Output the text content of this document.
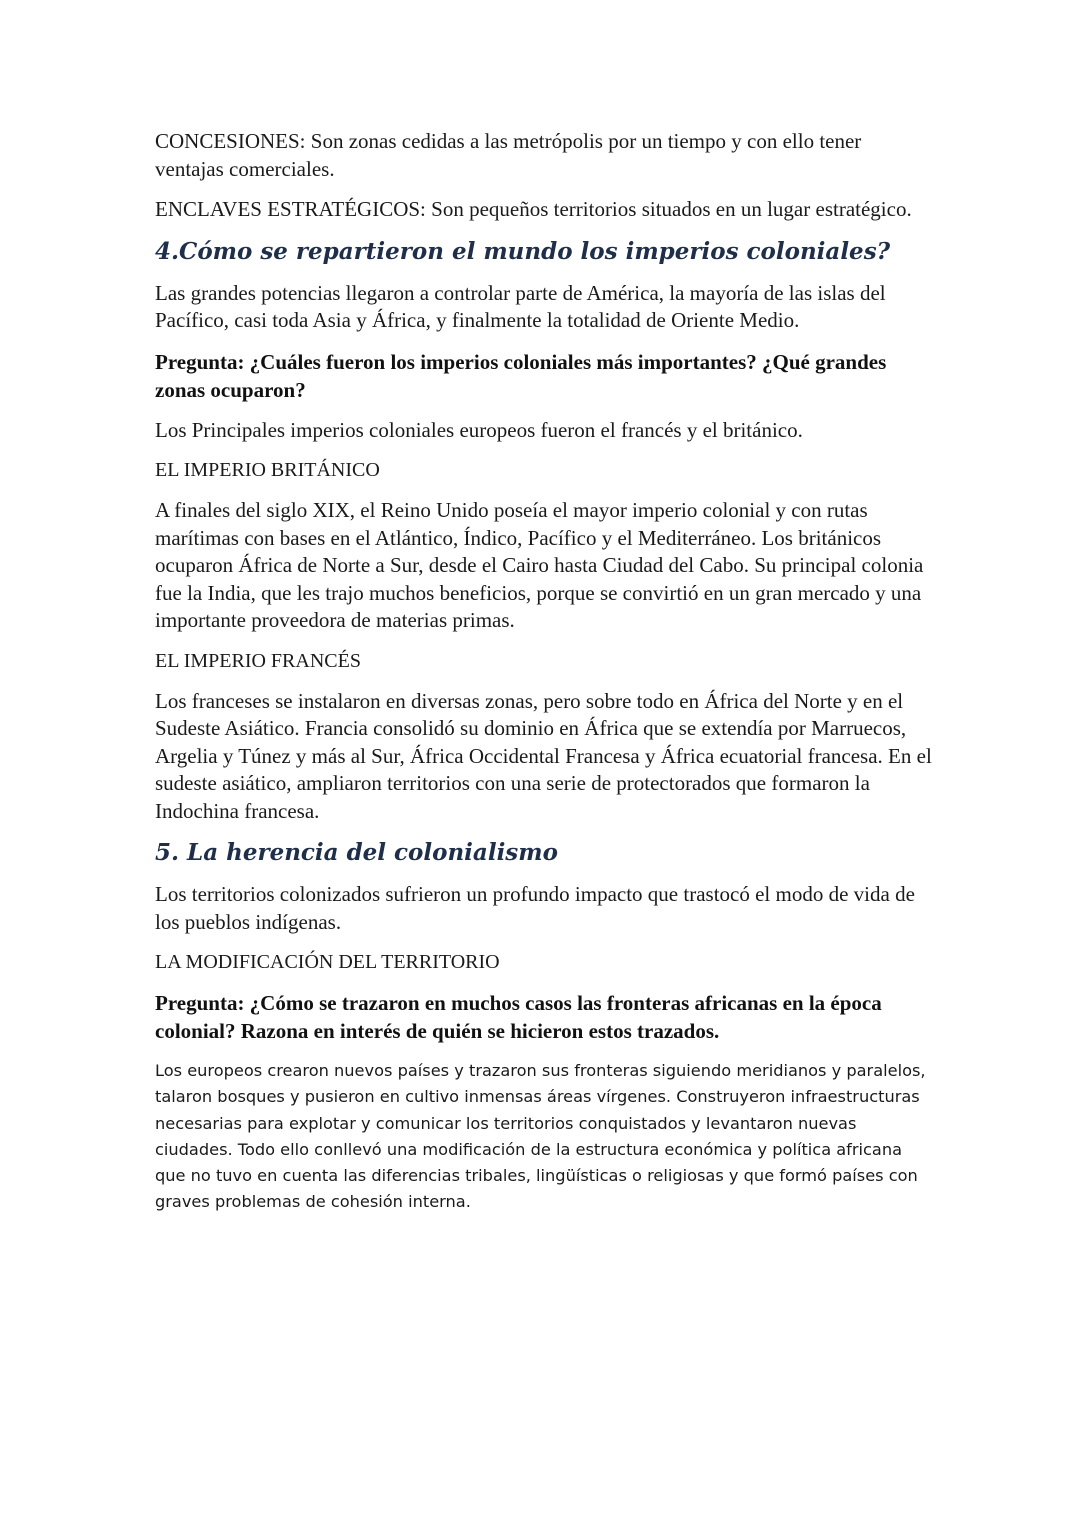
CONCESIONES: Son zonas cedidas a las metrópolis por un tiempo y con ello tener ventajas comerciales.

ENCLAVES ESTRATÉGICOS: Son pequeños territorios situados en un lugar estratégico.

4.Cómo se repartieron el mundo los imperios coloniales?

Las grandes potencias llegaron a controlar parte de América, la mayoría de las islas del Pacífico, casi toda Asia y África, y finalmente la totalidad de Oriente Medio.

Pregunta: ¿Cuáles fueron los imperios coloniales más importantes? ¿Qué grandes zonas ocuparon?

Los Principales imperios coloniales europeos fueron el francés y el británico.

EL IMPERIO BRITÁNICO

A finales del siglo XIX, el Reino Unido poseía el mayor imperio colonial y con rutas marítimas con bases en el Atlántico, Índico, Pacífico y el Mediterráneo. Los británicos ocuparon África de Norte a Sur, desde el Cairo hasta Ciudad del Cabo. Su principal colonia fue la India, que les trajo muchos beneficios, porque se convirtió en un gran mercado y una importante proveedora de materias primas.

EL IMPERIO FRANCÉS

Los franceses se instalaron en diversas zonas, pero sobre todo en África del Norte y en el Sudeste Asiático. Francia consolidó su dominio en África que se extendía por Marruecos, Argelia y Túnez y más al Sur, África Occidental Francesa y África ecuatorial francesa. En el sudeste asiático, ampliaron territorios con una serie de protectorados que formaron la Indochina francesa.

5. La herencia del colonialismo

Los territorios colonizados sufrieron un profundo impacto que trastocó el modo de vida de los pueblos indígenas.

LA MODIFICACIÓN DEL TERRITORIO

Pregunta: ¿Cómo se trazaron en muchos casos las fronteras africanas en la época colonial? Razona en interés de quién se hicieron estos trazados.

Los europeos crearon nuevos países y trazaron sus fronteras siguiendo meridianos y paralelos, talaron bosques y pusieron en cultivo inmensas áreas vírgenes. Construyeron infraestructuras necesarias para explotar y comunicar los territorios conquistados y levantaron nuevas ciudades. Todo ello conllevó una modificación de la estructura económica y política africana que no tuvo en cuenta las diferencias tribales, lingüísticas o religiosas y que formó países con graves problemas de cohesión interna.
